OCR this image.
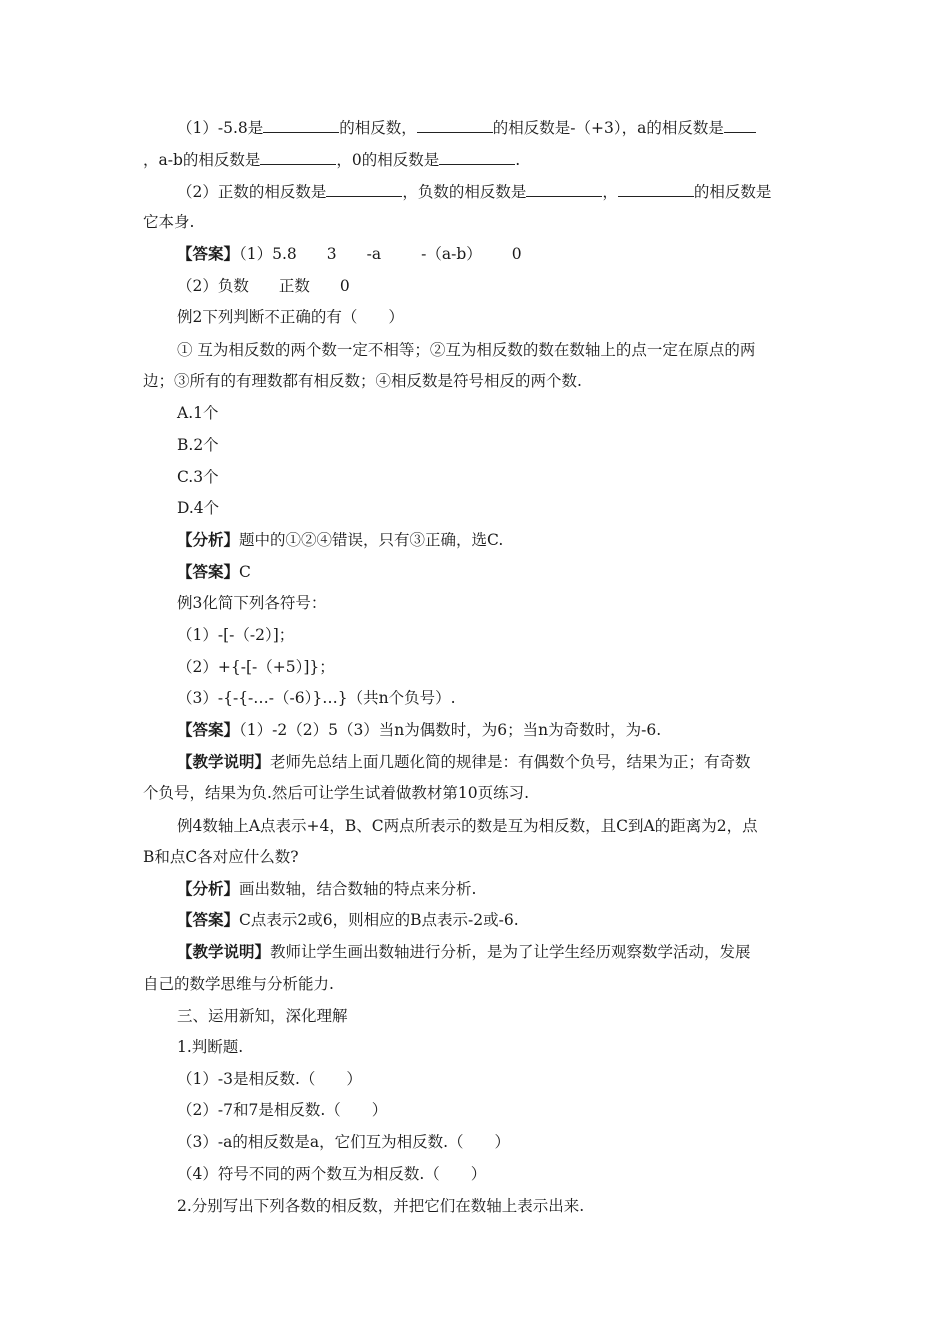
（1）-5.8是	的相反数，	的相反数是-（+3），a的相反数是
，a-b的相反数是	，0的相反数是	.
（2）正数的相反数是	，负数的相反数是	，	的相反数是
它本身.
【答案】（1）5.8 3 -a	-（a-b） 0
（2）负数 正数 0
例2下列判断不正确的有（　　）
① 互为相反数的两个数一定不相等；②互为相反数的数在数轴上的点一定在原点的两
边；③所有的有理数都有相反数；④相反数是符号相反的两个数.
A.1个
B.2个
C.3个
D.4个
【分析】题中的①②④错误，只有③正确，选C.
【答案】C
例3化简下列各符号：
（1）-[-（-2）]；
（2）+{-[-（+5）]}；
（3）-{-{-…-（-6）}…}（共n个负号）.
【答案】（1）-2（2）5（3）当n为偶数时，为6；当n为奇数时，为-6.
【教学说明】老师先总结上面几题化简的规律是：有偶数个负号，结果为正；有奇数
个负号，结果为负.然后可让学生试着做教材第10页练习.
例4数轴上A点表示+4，B、C两点所表示的数是互为相反数，且C到A的距离为2，点
B和点C各对应什么数?
【分析】画出数轴，结合数轴的特点来分析.
【答案】C点表示2或6，则相应的B点表示-2或-6.
【教学说明】教师让学生画出数轴进行分析，是为了让学生经历观察数学活动，发展
自己的数学思维与分析能力.
三、运用新知，深化理解
1.判断题.
（1）-3是相反数.（　　）
（2）-7和7是相反数.（　　）
（3）-a的相反数是a，它们互为相反数.（　　）
（4）符号不同的两个数互为相反数.（　　）
2.分别写出下列各数的相反数，并把它们在数轴上表示出来.
